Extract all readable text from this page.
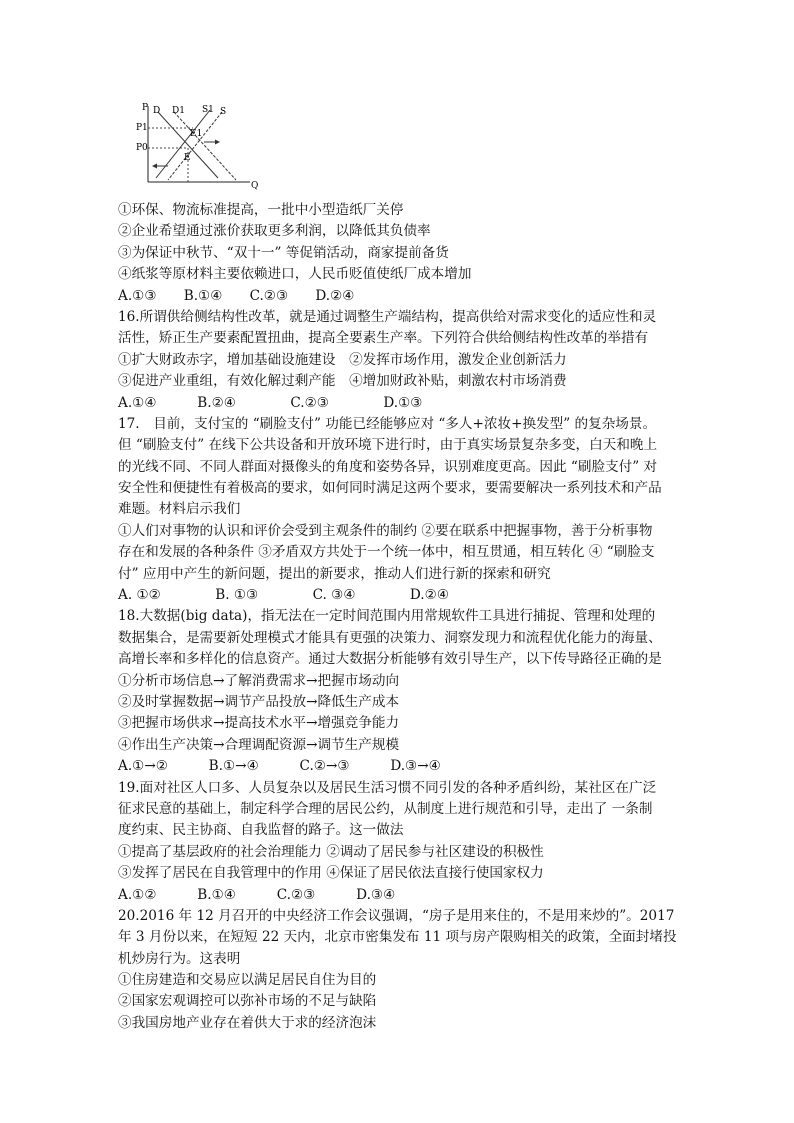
P
Q
P1
P0
D D1 S1 S
E1
E
①环保、物流标准提高，一批中小型造纸厂关停
②企业希望通过涨价获取更多利润，以降低其负债率
③为保证中秋节、“双十一” 等促销活动，商家提前备货
④纸浆等原材料主要依赖进口，人民币贬值使纸厂成本增加
A.①③　　B.①④　　C.②③　　D.②④
16.所谓供给侧结构性改革，就是通过调整生产端结构，提高供给对需求变化的适应性和灵
活性，矫正生产要素配置扭曲，提高全要素生产率。下列符合供给侧结构性改革的举措有
①扩大财政赤字，增加基础设施建设　②发挥市场作用，激发企业创新活力
③促进产业重组，有效化解过剩产能　④增加财政补贴，刺激农村市场消费
A.①④　　　B.②④　　　　C.②③　　　　D.①③
17.　目前，支付宝的 “刷脸支付” 功能已经能够应对 “多人+浓妆+换发型” 的复杂场景。
但 “刷脸支付” 在线下公共设备和开放环境下进行时，由于真实场景复杂多变，白天和晚上
的光线不同、不同人群面对摄像头的角度和姿势各异，识别难度更高。因此 “刷脸支付” 对
安全性和便捷性有着极高的要求，如何同时满足这两个要求，要需要解决一系列技术和产品
难题。材料启示我们
①人们对事物的认识和评价会受到主观条件的制约 ②要在联系中把握事物，善于分析事物
存在和发展的各种条件 ③矛盾双方共处于一个统一体中，相互贯通，相互转化 ④ “刷脸支
付” 应用中产生的新问题，提出的新要求，推动人们进行新的探索和研究
A. ①②　　　　B. ①③　　　　C. ③④　　　　D.②④
18.大数据(big data)，指无法在一定时间范围内用常规软件工具进行捕捉、管理和处理的
数据集合，是需要新处理模式才能具有更强的决策力、洞察发现力和流程优化能力的海量、
高增长率和多样化的信息资产。通过大数据分析能够有效引导生产，以下传导路径正确的是
①分析市场信息→了解消费需求→把握市场动向
②及时掌握数据→调节产品投放→降低生产成本
③把握市场供求→提高技术水平→增强竞争能力
④作出生产决策→合理调配资源→调节生产规模
A.①→②　　　B.①→④　　　C.②→③　　　D.③→④
19.面对社区人口多、人员复杂以及居民生活习惯不同引发的各种矛盾纠纷，某社区在广泛
征求民意的基础上，制定科学合理的居民公约，从制度上进行规范和引导，走出了 一条制
度约束、民主协商、自我监督的路子。这一做法
①提高了基层政府的社会治理能力 ②调动了居民参与社区建设的积极性
③发挥了居民在自我管理中的作用 ④保证了居民依法直接行使国家权力
A.①②　　　B.①④　　　C.②③　　　D.③④
20.2016 年 12 月召开的中央经济工作会议强调，“房子是用来住的，不是用来炒的”。2017
年 3 月份以来，在短短 22 天内，北京市密集发布 11 项与房产限购相关的政策，全面封堵投
机炒房行为。这表明
①住房建造和交易应以满足居民自住为目的
②国家宏观调控可以弥补市场的不足与缺陷
③我国房地产业存在着供大于求的经济泡沫
